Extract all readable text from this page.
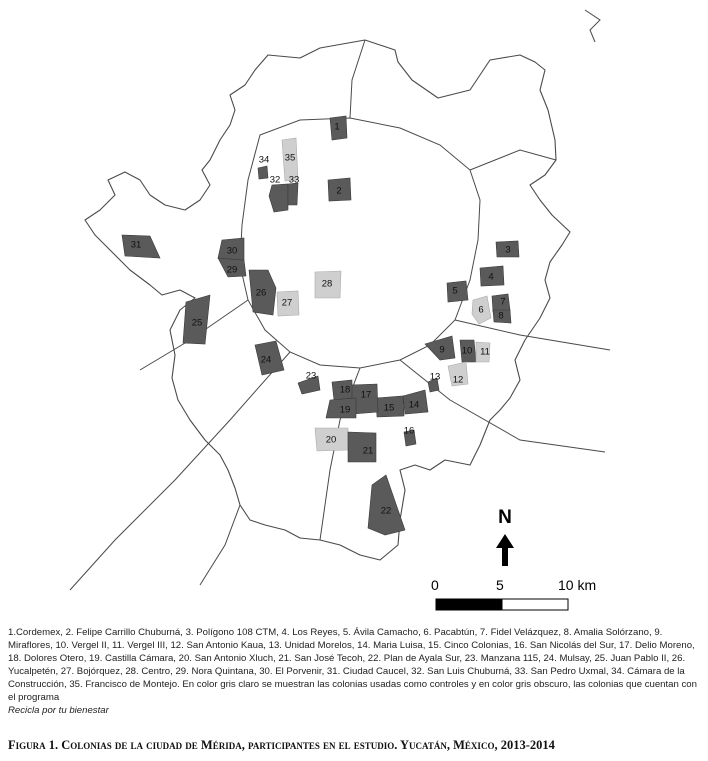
1
2
3
4
5
6
7
8
9 10 11
12
13
14
15
16
17
18
19
20
21
22
23
24
25
26
27
28
29
30
31
32 33
34 35
N
0	5	10 km
1.Cordemex, 2. Felipe Carrillo Chuburná, 3. Polígono 108 CTM, 4. Los Reyes, 5. Ávila Camacho, 6. Pacabtún, 7. Fidel Velázquez, 8. Amalia Solórzano, 9. Miraflores, 10. Vergel II, 11. Vergel III, 12. San Antonio Kaua, 13. Unidad Morelos, 14. Maria Luisa, 15. Cinco Colonias, 16. San Nicolás del Sur, 17. Delio Moreno, 18. Dolores Otero, 19. Castilla Cámara, 20. San Antonio Xluch, 21. San José Tecoh, 22. Plan de Ayala Sur, 23. Manzana 115, 24. Mulsay, 25. Juan Pablo II, 26. Yucalpetén, 27. Bojórquez, 28. Centro, 29. Nora Quintana, 30. El Porvenir, 31. Ciudad Caucel, 32. San Luis Chuburná, 33. San Pedro Uxmal, 34. Cámara de la Construcción, 35. Francisco de Montejo. En color gris claro se muestran las colonias usadas como controles y en color gris obscuro, las colonias que cuentan con el programa
Recicla por tu bienestar
Figura 1. Colonias de la ciudad de Mérida, participantes en el estudio. Yucatán, México, 2013-2014
